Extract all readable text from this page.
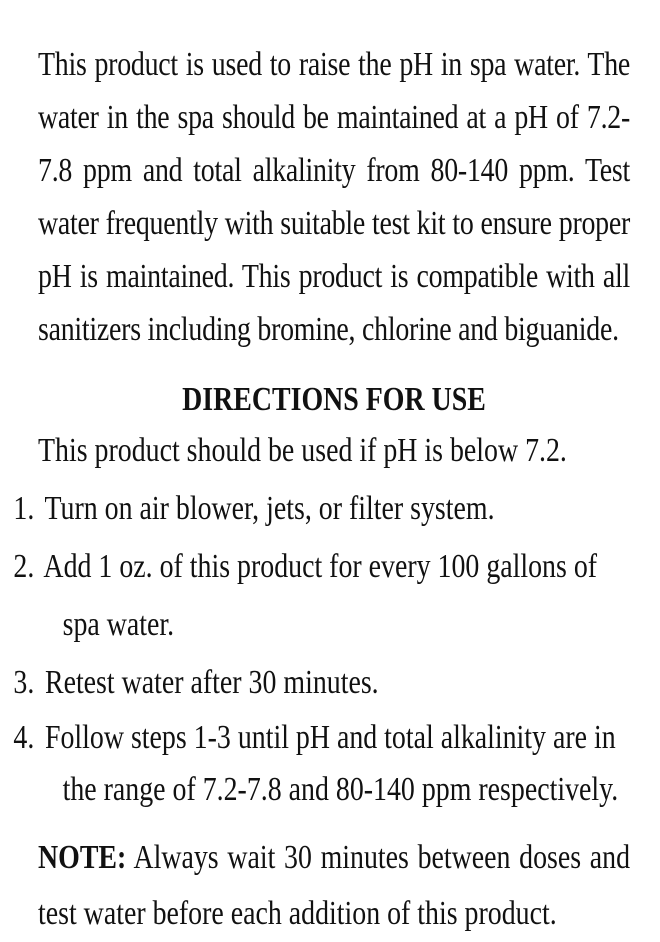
This product is used to raise the pH in spa water. The water in the spa should be maintained at a pH of 7.2-7.8 ppm and total alkalinity from 80-140 ppm. Test water frequently with suitable test kit to ensure proper pH is maintained. This product is compatible with all sanitizers including bromine, chlorine and biguanide.

DIRECTIONS FOR USE
This product should be used if pH is below 7.2.
1. Turn on air blower, jets, or filter system.
2. Add 1 oz. of this product for every 100 gallons of spa water.
3. Retest water after 30 minutes.
4. Follow steps 1-3 until pH and total alkalinity are in the range of 7.2-7.8 and 80-140 ppm respectively.

NOTE: Always wait 30 minutes between doses and test water before each addition of this product.
